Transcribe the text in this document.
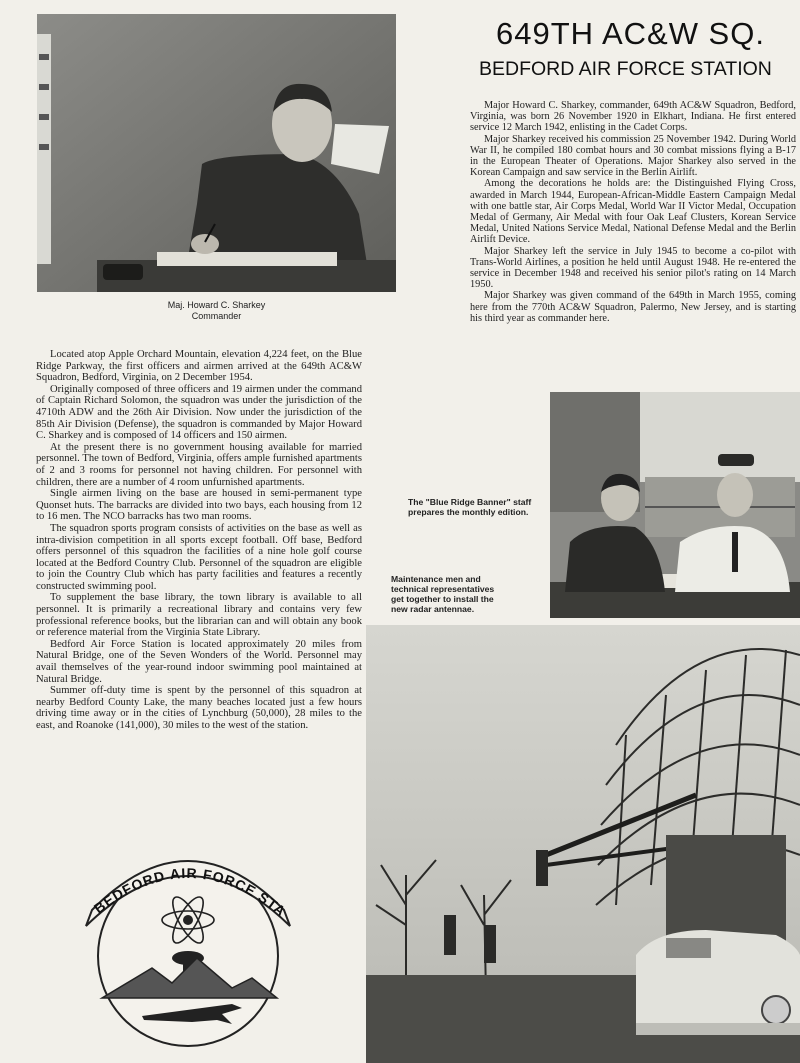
649TH AC&W SQ.
BEDFORD AIR FORCE STATION
Maj. Howard C. Sharkey
Commander

Major Howard C. Sharkey, commander, 649th AC&W Squadron, Bedford, Virginia, was born 26 November 1920 in Elkhart, Indiana. He first entered service 12 March 1942, enlisting in the Cadet Corps.

Major Sharkey received his commission 25 November 1942. During World War II, he compiled 180 combat hours and 30 combat missions flying a B-17 in the European Theater of Operations. Major Sharkey also served in the Korean Campaign and saw service in the Berlin Airlift.

Among the decorations he holds are: the Distinguished Flying Cross, awarded in March 1944, European-African-Middle Eastern Campaign Medal with one battle star, Air Corps Medal, World War II Victor Medal, Occupation Medal of Germany, Air Medal with four Oak Leaf Clusters, Korean Service Medal, United Nations Service Medal, National Defense Medal and the Berlin Airlift Device.

Major Sharkey left the service in July 1945 to become a co-pilot with Trans-World Airlines, a position he held until August 1948. He re-entered the service in December 1948 and received his senior pilot's rating on 14 March 1950.

Major Sharkey was given command of the 649th in March 1955, coming here from the 770th AC&W Squadron, Palermo, New Jersey, and is starting his third year as commander here.

Located atop Apple Orchard Mountain, elevation 4,224 feet, on the Blue Ridge Parkway, the first officers and airmen arrived at the 649th AC&W Squadron, Bedford, Virginia, on 2 December 1954.

Originally composed of three officers and 19 airmen under the command of Captain Richard Solomon, the squadron was under the jurisdiction of the 4710th ADW and the 26th Air Division. Now under the jurisdiction of the 85th Air Division (Defense), the squadron is commanded by Major Howard C. Sharkey and is composed of 14 officers and 150 airmen.

At the present there is no government housing available for married personnel. The town of Bedford, Virginia, offers ample furnished apartments of 2 and 3 rooms for personnel not having children. For personnel with children, there are a number of 4 room unfurnished apartments.

Single airmen living on the base are housed in semi-permanent type Quonset huts. The barracks are divided into two bays, each housing from 12 to 16 men. The NCO barracks has two man rooms.

The squadron sports program consists of activities on the base as well as intra-division competition in all sports except football. Off base, Bedford offers personnel of this squadron the facilities of a nine hole golf course located at the Bedford Country Club. Personnel of the squadron are eligible to join the Country Club which has party facilities and features a recently constructed swimming pool.

To supplement the base library, the town library is available to all personnel. It is primarily a recreational library and contains very few professional reference books, but the librarian can and will obtain any book or reference material from the Virginia State Library.

Bedford Air Force Station is located approximately 20 miles from Natural Bridge, one of the Seven Wonders of the World. Personnel may avail themselves of the year-round indoor swimming pool maintained at Natural Bridge.

Summer off-duty time is spent by the personnel of this squadron at nearby Bedford County Lake, the many beaches located just a few hours driving time away or in the cities of Lynchburg (50,000), 28 miles to the east, and Roanoke (141,000), 30 miles to the west of the station.

The "Blue Ridge Banner" staff prepares the monthly edition.
Maintenance men and technical representatives get together to install the new radar antennae.
BEDFORD AIR FORCE STA
